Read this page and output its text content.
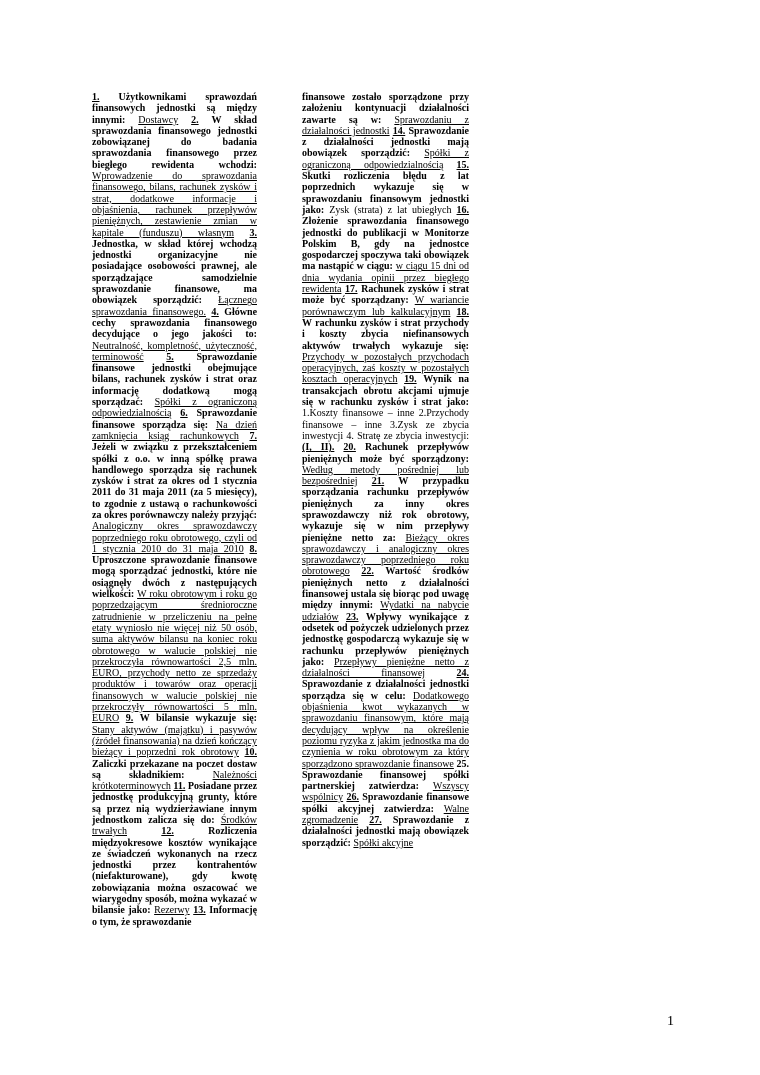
1. Użytkownikami sprawozdań finansowych jednostki są między innymi: Dostawcy 2. W skład sprawozdania finansowego jednostki zobowiązanej do badania sprawozdania finansowego przez biegłego rewidenta wchodzi: Wprowadzenie do sprawozdania finansowego, bilans, rachunek zysków i strat, dodatkowe informacje i objaśnienia, rachunek przepływów pieniężnych, zestawienie zmian w kapitale (funduszu) własnym 3. Jednostka, w skład której wchodzą jednostki organizacyjne nie posiadające osobowości prawnej, ale sporządzające samodzielnie sprawozdanie finansowe, ma obowiązek sporządzić: Łącznego sprawozdania finansowego. 4. Główne cechy sprawozdania finansowego decydujące o jego jakości to: Neutralność, kompletność, użyteczność, terminowość 5. Sprawozdanie finansowe jednostki obejmujące bilans, rachunek zysków i strat oraz informację dodatkową mogą sporządzać: Spółki z ograniczoną odpowiedzialnością 6. Sprawozdanie finansowe sporządza się: Na dzień zamknięcia ksiąg rachunkowych 7. Jeżeli w związku z przekształceniem spółki z o.o. w inną spółkę prawa handlowego sporządza się rachunek zysków i strat za okres od 1 stycznia 2011 do 31 maja 2011 (za 5 miesięcy), to zgodnie z ustawą o rachunkowości za okres porównawczy należy przyjąć: Analogiczny okres sprawozdawczy poprzedniego roku obrotowego, czyli od 1 stycznia 2010 do 31 maja 2010 8. Uproszczone sprawozdanie finansowe mogą sporządzać jednostki, które nie osiągnęły dwóch z następujących wielkości: W roku obrotowym i roku go poprzedzającym średnioroczne zatrudnienie w przeliczeniu na pełne etaty wyniosło nie więcej niż 50 osób, suma aktywów bilansu na koniec roku obrotowego w walucie polskiej nie przekroczyła równowartości 2,5 mln. EURO, przychody netto ze sprzedaży produktów i towarów oraz operacji finansowych w walucie polskiej nie przekroczyły równowartości 5 mln. EURO 9. W bilansie wykazuje się: Stany aktywów (majątku) i pasywów (źródeł finansowania) na dzień kończący bieżący i poprzedni rok obrotowy 10. Zaliczki przekazane na poczet dostaw są składnikiem:	Należności krótkoterminowych 11. Posiadane przez jednostkę produkcyjną grunty, które są przez nią wydzierżawiane innym jednostkom zalicza się do: Środków trwałych	12.	Rozliczenia międzyokresowe kosztów wynikające ze świadczeń wykonanych na rzecz jednostki przez kontrahentów (niefakturowane), gdy kwotę zobowiązania można oszacować we wiarygodny sposób, można wykazać w bilansie jako: Rezerwy 13. Informację o tym, że sprawozdanie

finansowe zostało sporządzone przy założeniu kontynuacji działalności zawarte są w: Sprawozdaniu z działalności jednostki 14. Sprawozdanie z działalności jednostki mają obowiązek sporządzić: Spółki z ograniczoną odpowiedzialnością 15. Skutki rozliczenia błędu z lat poprzednich wykazuje się w sprawozdaniu finansowym jednostki jako: Zysk (strata) z lat ubiegłych 16. Złożenie sprawozdania finansowego jednostki do publikacji w Monitorze Polskim B, gdy na jednostce gospodarczej spoczywa taki obowiązek ma nastąpić w ciągu: w ciągu 15 dni od dnia wydania opinii przez biegłego rewidenta 17. Rachunek zysków i strat może być sporządzany: W wariancie porównawczym lub kalkulacyjnym 18. W rachunku zysków i strat przychody i koszty zbycia niefinansowych aktywów trwałych wykazuje się: Przychody w pozostałych przychodach operacyjnych, zaś koszty w pozostałych kosztach operacyjnych 19. Wynik na transakcjach obrotu akcjami ujmuje się w rachunku zysków i strat jako: 1.Koszty finansowe – inne 2.Przychody finansowe – inne 3.Zysk ze zbycia inwestycji 4. Stratę ze zbycia inwestycji: (I, II). 20. Rachunek przepływów pieniężnych może być sporządzony: Według metody pośredniej lub bezpośredniej 21. W przypadku sporządzania rachunku przepływów pieniężnych za inny okres sprawozdawczy niż rok obrotowy, wykazuje się w nim przepływy pieniężne netto za: Bieżący okres sprawozdawczy i analogiczny okres sprawozdawczy poprzedniego roku obrotowego 22. Wartość środków pieniężnych netto z działalności finansowej ustala się biorąc pod uwagę między innymi: Wydatki na nabycie udziałów 23. Wpływy wynikające z odsetek od pożyczek udzielonych przez jednostkę gospodarczą wykazuje się w rachunku przepływów pieniężnych jako: Przepływy pieniężne netto z działalności finansowej	24. Sprawozdanie z działalności jednostki sporządza się w celu: Dodatkowego objaśnienia kwot wykazanych w sprawozdaniu finansowym, które mają decydujący wpływ na określenie poziomu ryzyka z jakim jednostka ma do czynienia w roku obrotowym za który sporządzono sprawozdanie finansowe 25. Sprawozdanie finansowej spółki partnerskiej zatwierdza: Wszyscy wspólnicy 26. Sprawozdanie finansowe spółki akcyjnej zatwierdza: Walne zgromadzenie 27. Sprawozdanie z działalności jednostki mają obowiązek sporządzić: Spółki akcyjne

1
